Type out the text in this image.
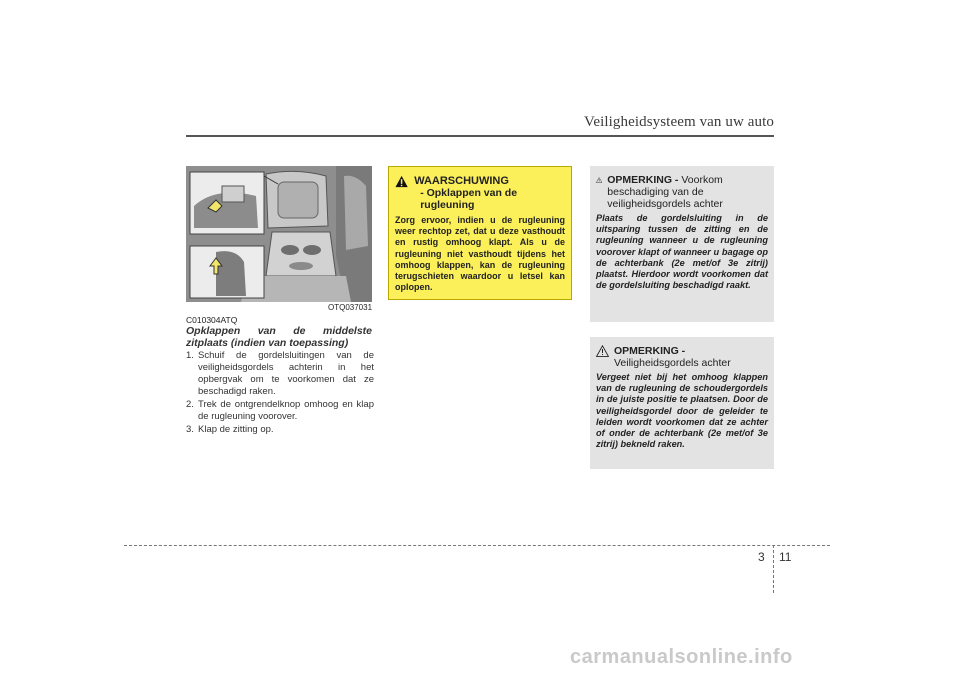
Veiligheidsysteem van uw auto
OTQ037031
C010304ATQ
Opklappen van de middelste zitplaats (indien van toepassing)
1. Schuif de gordelsluitingen van de veiligheidsgordels achterin in het opbergvak om te voorkomen dat ze beschadigd raken.
2. Trek de ontgrendelknop omhoog en klap de rugleuning voorover.
3. Klap de zitting op.
WAARSCHUWING
- Opklappen van de rugleuning
Zorg ervoor, indien u de rugleuning weer rechtop zet, dat u deze vasthoudt en rustig omhoog klapt. Als u de rugleuning niet vasthoudt tijdens het omhoog klappen, kan de rugleuning terugschieten waardoor u letsel kan oplopen.
OPMERKING - Voorkom beschadiging van de veiligheidsgordels achter
Plaats de gordelsluiting in de uitsparing tussen de zitting en de rugleuning wanneer u de rugleuning voorover klapt of wanneer u bagage op de achterbank (2e met/of 3e zitrij) plaatst. Hierdoor wordt voorkomen dat de gordelsluiting beschadigd raakt.
OPMERKING -
Veiligheidsgordels achter
Vergeet niet bij het omhoog klappen van de rugleuning de schoudergordels in de juiste positie te plaatsen. Door de veiligheidsgordel door de geleider te leiden wordt voorkomen dat ze achter of onder de achterbank (2e met/of 3e zitrij) bekneld raken.
3 11
carmanualsonline.info
